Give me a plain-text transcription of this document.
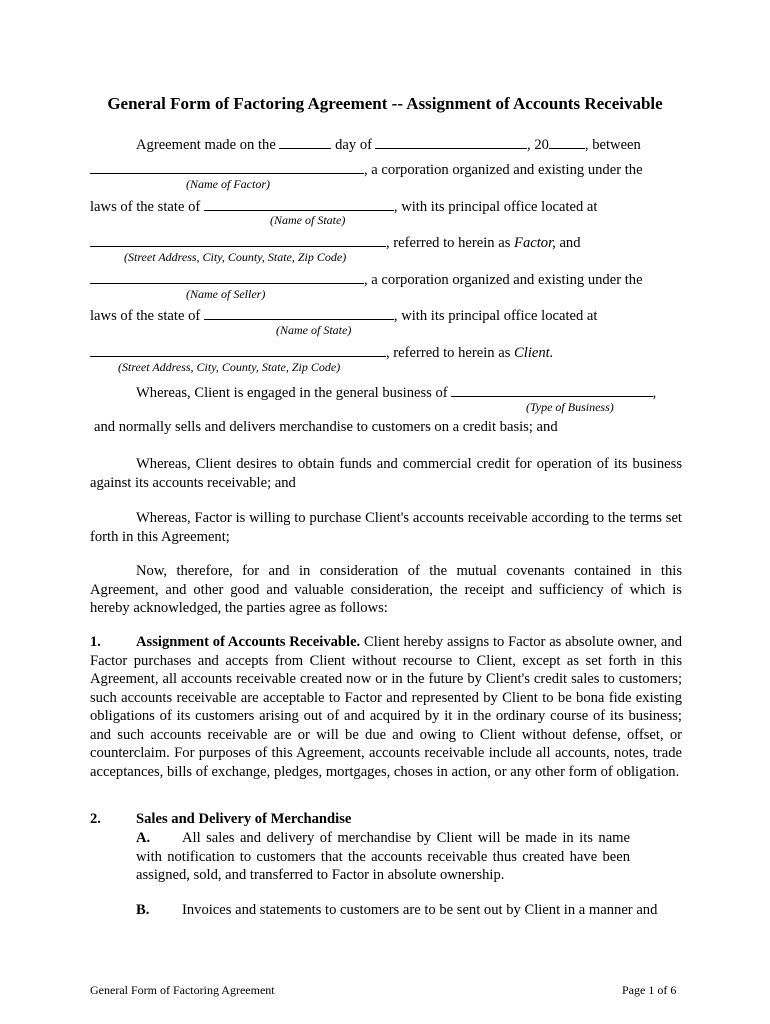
General Form of Factoring Agreement -- Assignment of Accounts Receivable
Agreement made on the	day of	, 20 , between
, a corporation organized and existing under the
(Name of Factor)
laws of the state of	, with its principal office located at
(Name of State)
, referred to herein as Factor, and
(Street Address, City, County, State, Zip Code)
, a corporation organized and existing under the
(Name of Seller)
laws of the state of	, with its principal office located at
(Name of State)
, referred to herein as Client.
(Street Address, City, County, State, Zip Code)
Whereas, Client is engaged in the general business of	,
(Type of Business)
and normally sells and delivers merchandise to customers on a credit basis; and
Whereas, Client desires to obtain funds and commercial credit for operation of its business against its accounts receivable; and
Whereas, Factor is willing to purchase Client's accounts receivable according to the terms set forth in this Agreement;
Now, therefore, for and in consideration of the mutual covenants contained in this Agreement, and other good and valuable consideration, the receipt and sufficiency of which is hereby acknowledged, the parties agree as follows:

1. Assignment of Accounts Receivable. Client hereby assigns to Factor as absolute owner, and Factor purchases and accepts from Client without recourse to Client, except as set forth in this Agreement, all accounts receivable created now or in the future by Client's credit sales to customers; such accounts receivable are acceptable to Factor and represented by Client to be bona fide existing obligations of its customers arising out of and acquired by it in the ordinary course of its business; and such accounts receivable are or will be due and owing to Client without defense, offset, or counterclaim. For purposes of this Agreement, accounts receivable include all accounts, notes, trade acceptances, bills of exchange, pledges, mortgages, choses in action, or any other form of obligation.

2. Sales and Delivery of Merchandise

A. All sales and delivery of merchandise by Client will be made in its name with notification to customers that the accounts receivable thus created have been assigned, sold, and transferred to Factor in absolute ownership.

B. Invoices and statements to customers are to be sent out by Client in a manner and
General Form of Factoring Agreement	Page 1 of 6
